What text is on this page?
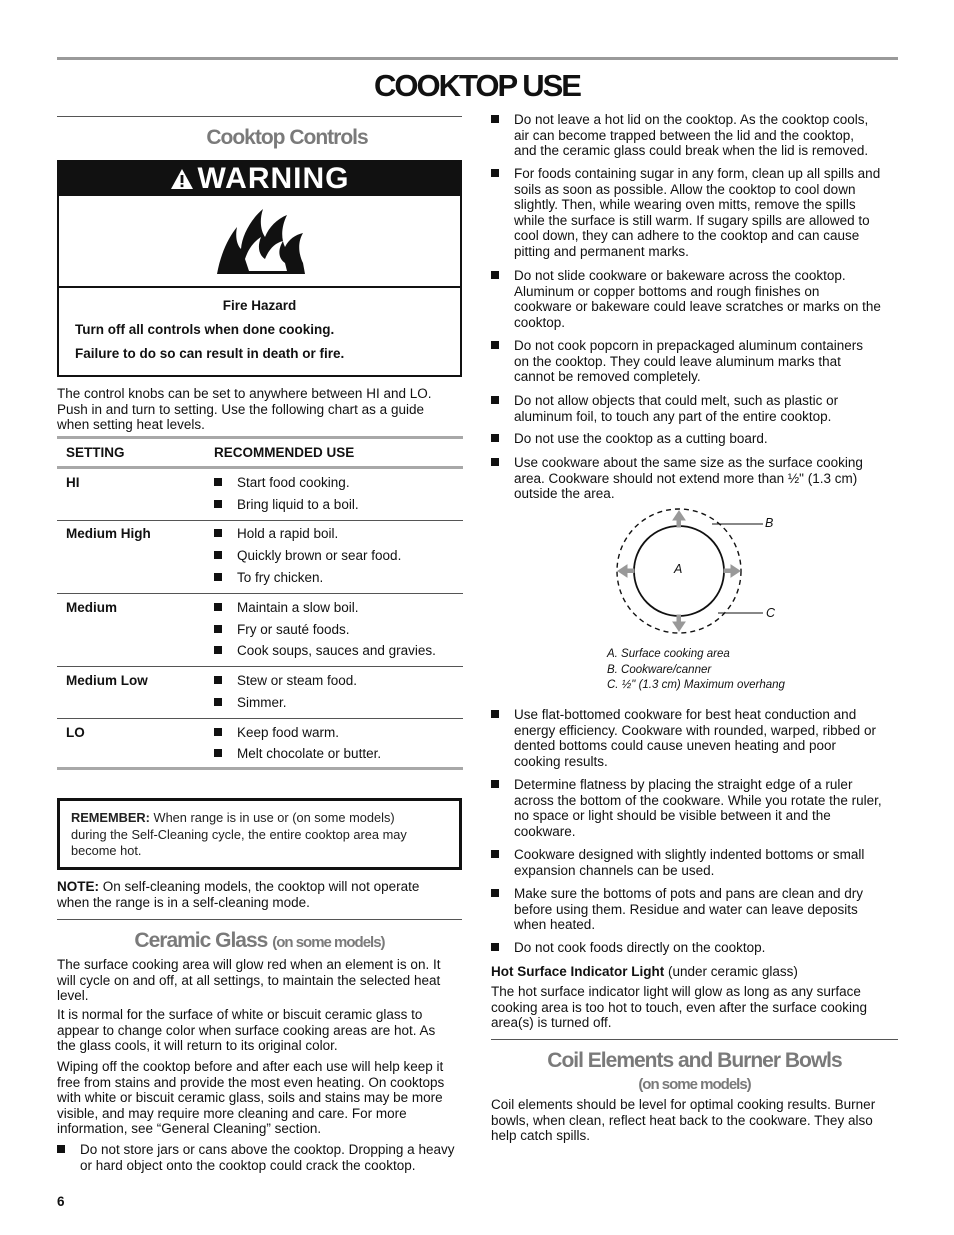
COOKTOP USE
Cooktop Controls
WARNING
Fire Hazard
Turn off all controls when done cooking.
Failure to do so can result in death or fire.
The control knobs can be set to anywhere between HI and LO.
Push in and turn to setting. Use the following chart as a guide
when setting heat levels.
SETTING	RECOMMENDED USE
HI	Start food cooking.
Bring liquid to a boil.
Medium High	Hold a rapid boil.
Quickly brown or sear food.
To fry chicken.
Medium	Maintain a slow boil.
Fry or sauté foods.
Cook soups, sauces and gravies.
Medium Low	Stew or steam food.
Simmer.
LO	Keep food warm.
Melt chocolate or butter.
REMEMBER: When range is in use or (on some models)
during the Self-Cleaning cycle, the entire cooktop area may
become hot.
NOTE: On self-cleaning models, the cooktop will not operate
when the range is in a self-cleaning mode.
Ceramic Glass (on some models)
The surface cooking area will glow red when an element is on. It
will cycle on and off, at all settings, to maintain the selected heat
level.
It is normal for the surface of white or biscuit ceramic glass to
appear to change color when surface cooking areas are hot. As
the glass cools, it will return to its original color.
Wiping off the cooktop before and after each use will help keep it
free from stains and provide the most even heating. On cooktops
with white or biscuit ceramic glass, soils and stains may be more
visible, and may require more cleaning and care. For more
information, see “General Cleaning” section.
Do not store jars or cans above the cooktop. Dropping a heavy
or hard object onto the cooktop could crack the cooktop.
6
Do not leave a hot lid on the cooktop. As the cooktop cools,
air can become trapped between the lid and the cooktop,
and the ceramic glass could break when the lid is removed.
For foods containing sugar in any form, clean up all spills and
soils as soon as possible. Allow the cooktop to cool down
slightly. Then, while wearing oven mitts, remove the spills
while the surface is still warm. If sugary spills are allowed to
cool down, they can adhere to the cooktop and can cause
pitting and permanent marks.
Do not slide cookware or bakeware across the cooktop.
Aluminum or copper bottoms and rough finishes on
cookware or bakeware could leave scratches or marks on the
cooktop.
Do not cook popcorn in prepackaged aluminum containers
on the cooktop. They could leave aluminum marks that
cannot be removed completely.
Do not allow objects that could melt, such as plastic or
aluminum foil, to touch any part of the entire cooktop.
Do not use the cooktop as a cutting board.
Use cookware about the same size as the surface cooking
area. Cookware should not extend more than ½" (1.3 cm)
outside the area.
A
B
C
A. Surface cooking area
B. Cookware/canner
C. ½" (1.3 cm) Maximum overhang
Use flat-bottomed cookware for best heat conduction and
energy efficiency. Cookware with rounded, warped, ribbed or
dented bottoms could cause uneven heating and poor
cooking results.
Determine flatness by placing the straight edge of a ruler
across the bottom of the cookware. While you rotate the ruler,
no space or light should be visible between it and the
cookware.
Cookware designed with slightly indented bottoms or small
expansion channels can be used.
Make sure the bottoms of pots and pans are clean and dry
before using them. Residue and water can leave deposits
when heated.
Do not cook foods directly on the cooktop.
Hot Surface Indicator Light (under ceramic glass)
The hot surface indicator light will glow as long as any surface
cooking area is too hot to touch, even after the surface cooking
area(s) is turned off.
Coil Elements and Burner Bowls
(on some models)
Coil elements should be level for optimal cooking results. Burner
bowls, when clean, reflect heat back to the cookware. They also
help catch spills.
